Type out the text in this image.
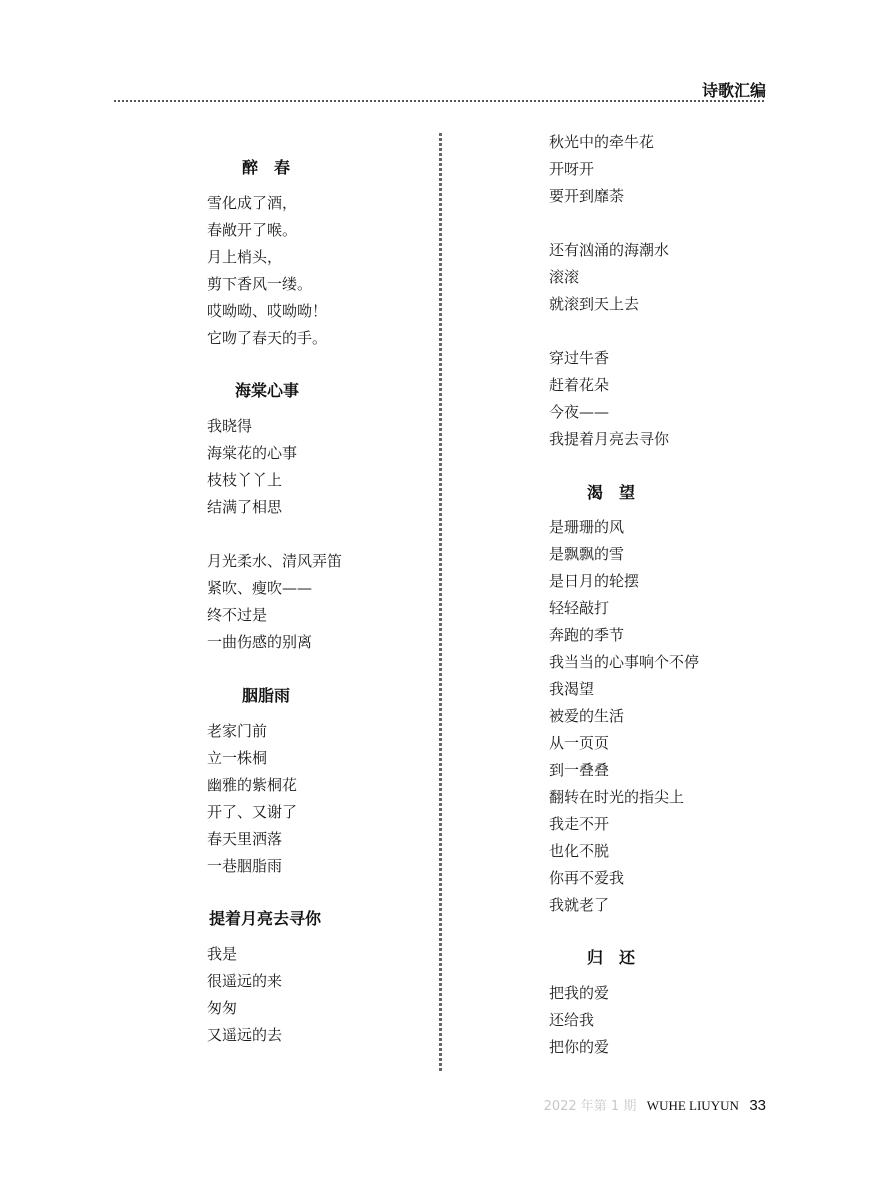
诗歌汇编
醉　春
雪化成了酒，
春敞开了喉。
月上梢头，
剪下香风一缕。
哎呦呦、哎呦呦！
它吻了春天的手。
海棠心事
我晓得
海棠花的心事
枝枝丫丫上
结满了相思
月光柔水、清风弄笛
紧吹、瘦吹——
终不过是
一曲伤感的别离
胭脂雨
老家门前
立一株桐
幽雅的紫桐花
开了、又谢了
春天里洒落
一巷胭脂雨
提着月亮去寻你
我是
很遥远的来
匆匆
又遥远的去
秋光中的牵牛花
开呀开
要开到靡荼
还有汹涌的海潮水
滚滚
就滚到天上去
穿过牛香
赶着花朵
今夜——
我提着月亮去寻你
渴　望
是珊珊的风
是飘飘的雪
是日月的轮摆
轻轻敲打
奔跑的季节
我当当的心事响个不停
我渴望
被爱的生活
从一页页
到一叠叠
翻转在时光的指尖上
我走不开
也化不脱
你再不爱我
我就老了
归　还
把我的爱
还给我
把你的爱
2022 年第 1 期 WUHE LIUYUN 33
